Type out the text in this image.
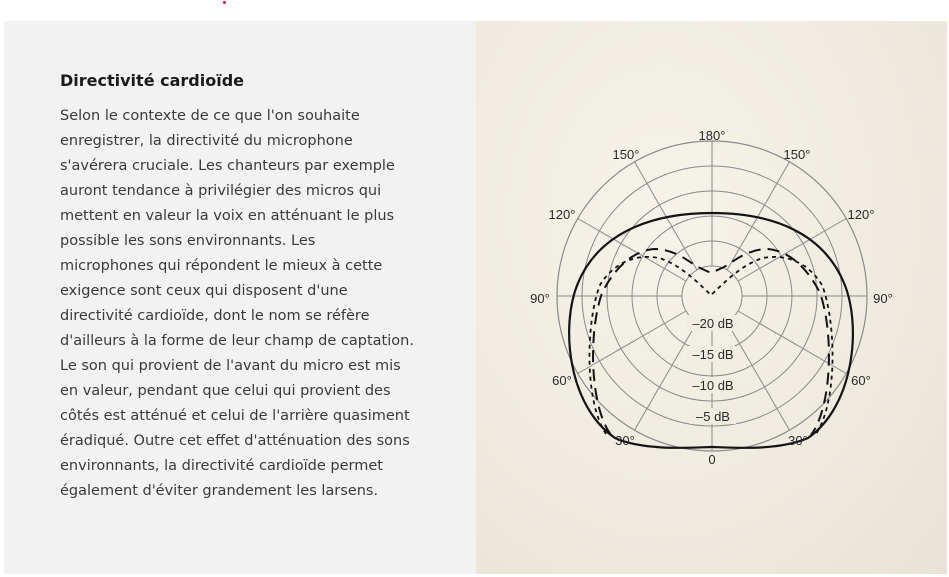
Directivité cardioïde

Selon le contexte de ce que l'on souhaite
enregistrer, la directivité du microphone
s'avérera cruciale. Les chanteurs par exemple
auront tendance à privilégier des micros qui
mettent en valeur la voix en atténuant le plus
possible les sons environnants. Les
microphones qui répondent le mieux à cette
exigence sont ceux qui disposent d'une
directivité cardioïde, dont le nom se réfère
d'ailleurs à la forme de leur champ de captation.
Le son qui provient de l'avant du micro est mis
en valeur, pendant que celui qui provient des
côtés est atténué et celui de l'arrière quasiment
éradiqué. Outre cet effet d'atténuation des sons
environnants, la directivité cardioïde permet
également d'éviter grandement les larsens.

0
30°	30°
60°	60°
90°	90°
120°	120°
150°	150°
180°
–20 dB
–15 dB
–10 dB
–5 dB
